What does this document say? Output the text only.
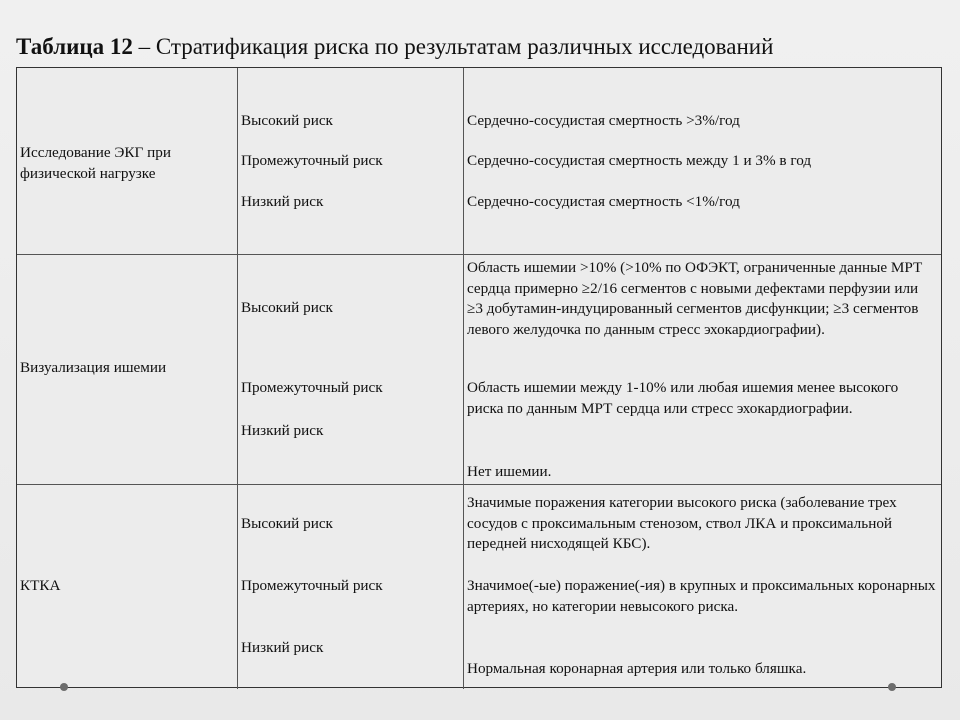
Таблица 12 – Стратификация риска по результатам различных исследований
Исследование ЭКГ при физической нагрузке
Высокий риск
Промежуточный риск
Низкий риск
Сердечно-сосудистая смертность >3%/год
Сердечно-сосудистая смертность между 1 и 3% в год
Сердечно-сосудистая смертность <1%/год
Визуализация ишемии
Высокий риск
Промежуточный риск
Низкий риск
Область ишемии >10% (>10% по ОФЭКТ, ограниченные данные МРТ сердца примерно ≥2/16 сегментов с новыми дефектами перфузии или ≥3 добутамин-индуцированный сегментов дисфункции; ≥3 сегментов левого желудочка по данным стресс эхокардиографии).
Область ишемии между 1-10% или любая ишемия менее высокого риска по данным МРТ сердца или стресс эхокардиографии.
Нет ишемии.
КТКА
Высокий риск
Промежуточный риск
Низкий риск
Значимые поражения категории высокого риска (заболевание трех сосудов с проксимальным стенозом, ствол ЛКА и проксимальной передней нисходящей КБС).
Значимое(-ые) поражение(-ия) в крупных и проксимальных коронарных артериях, но категории невысокого риска.
Нормальная коронарная артерия или только бляшка.
